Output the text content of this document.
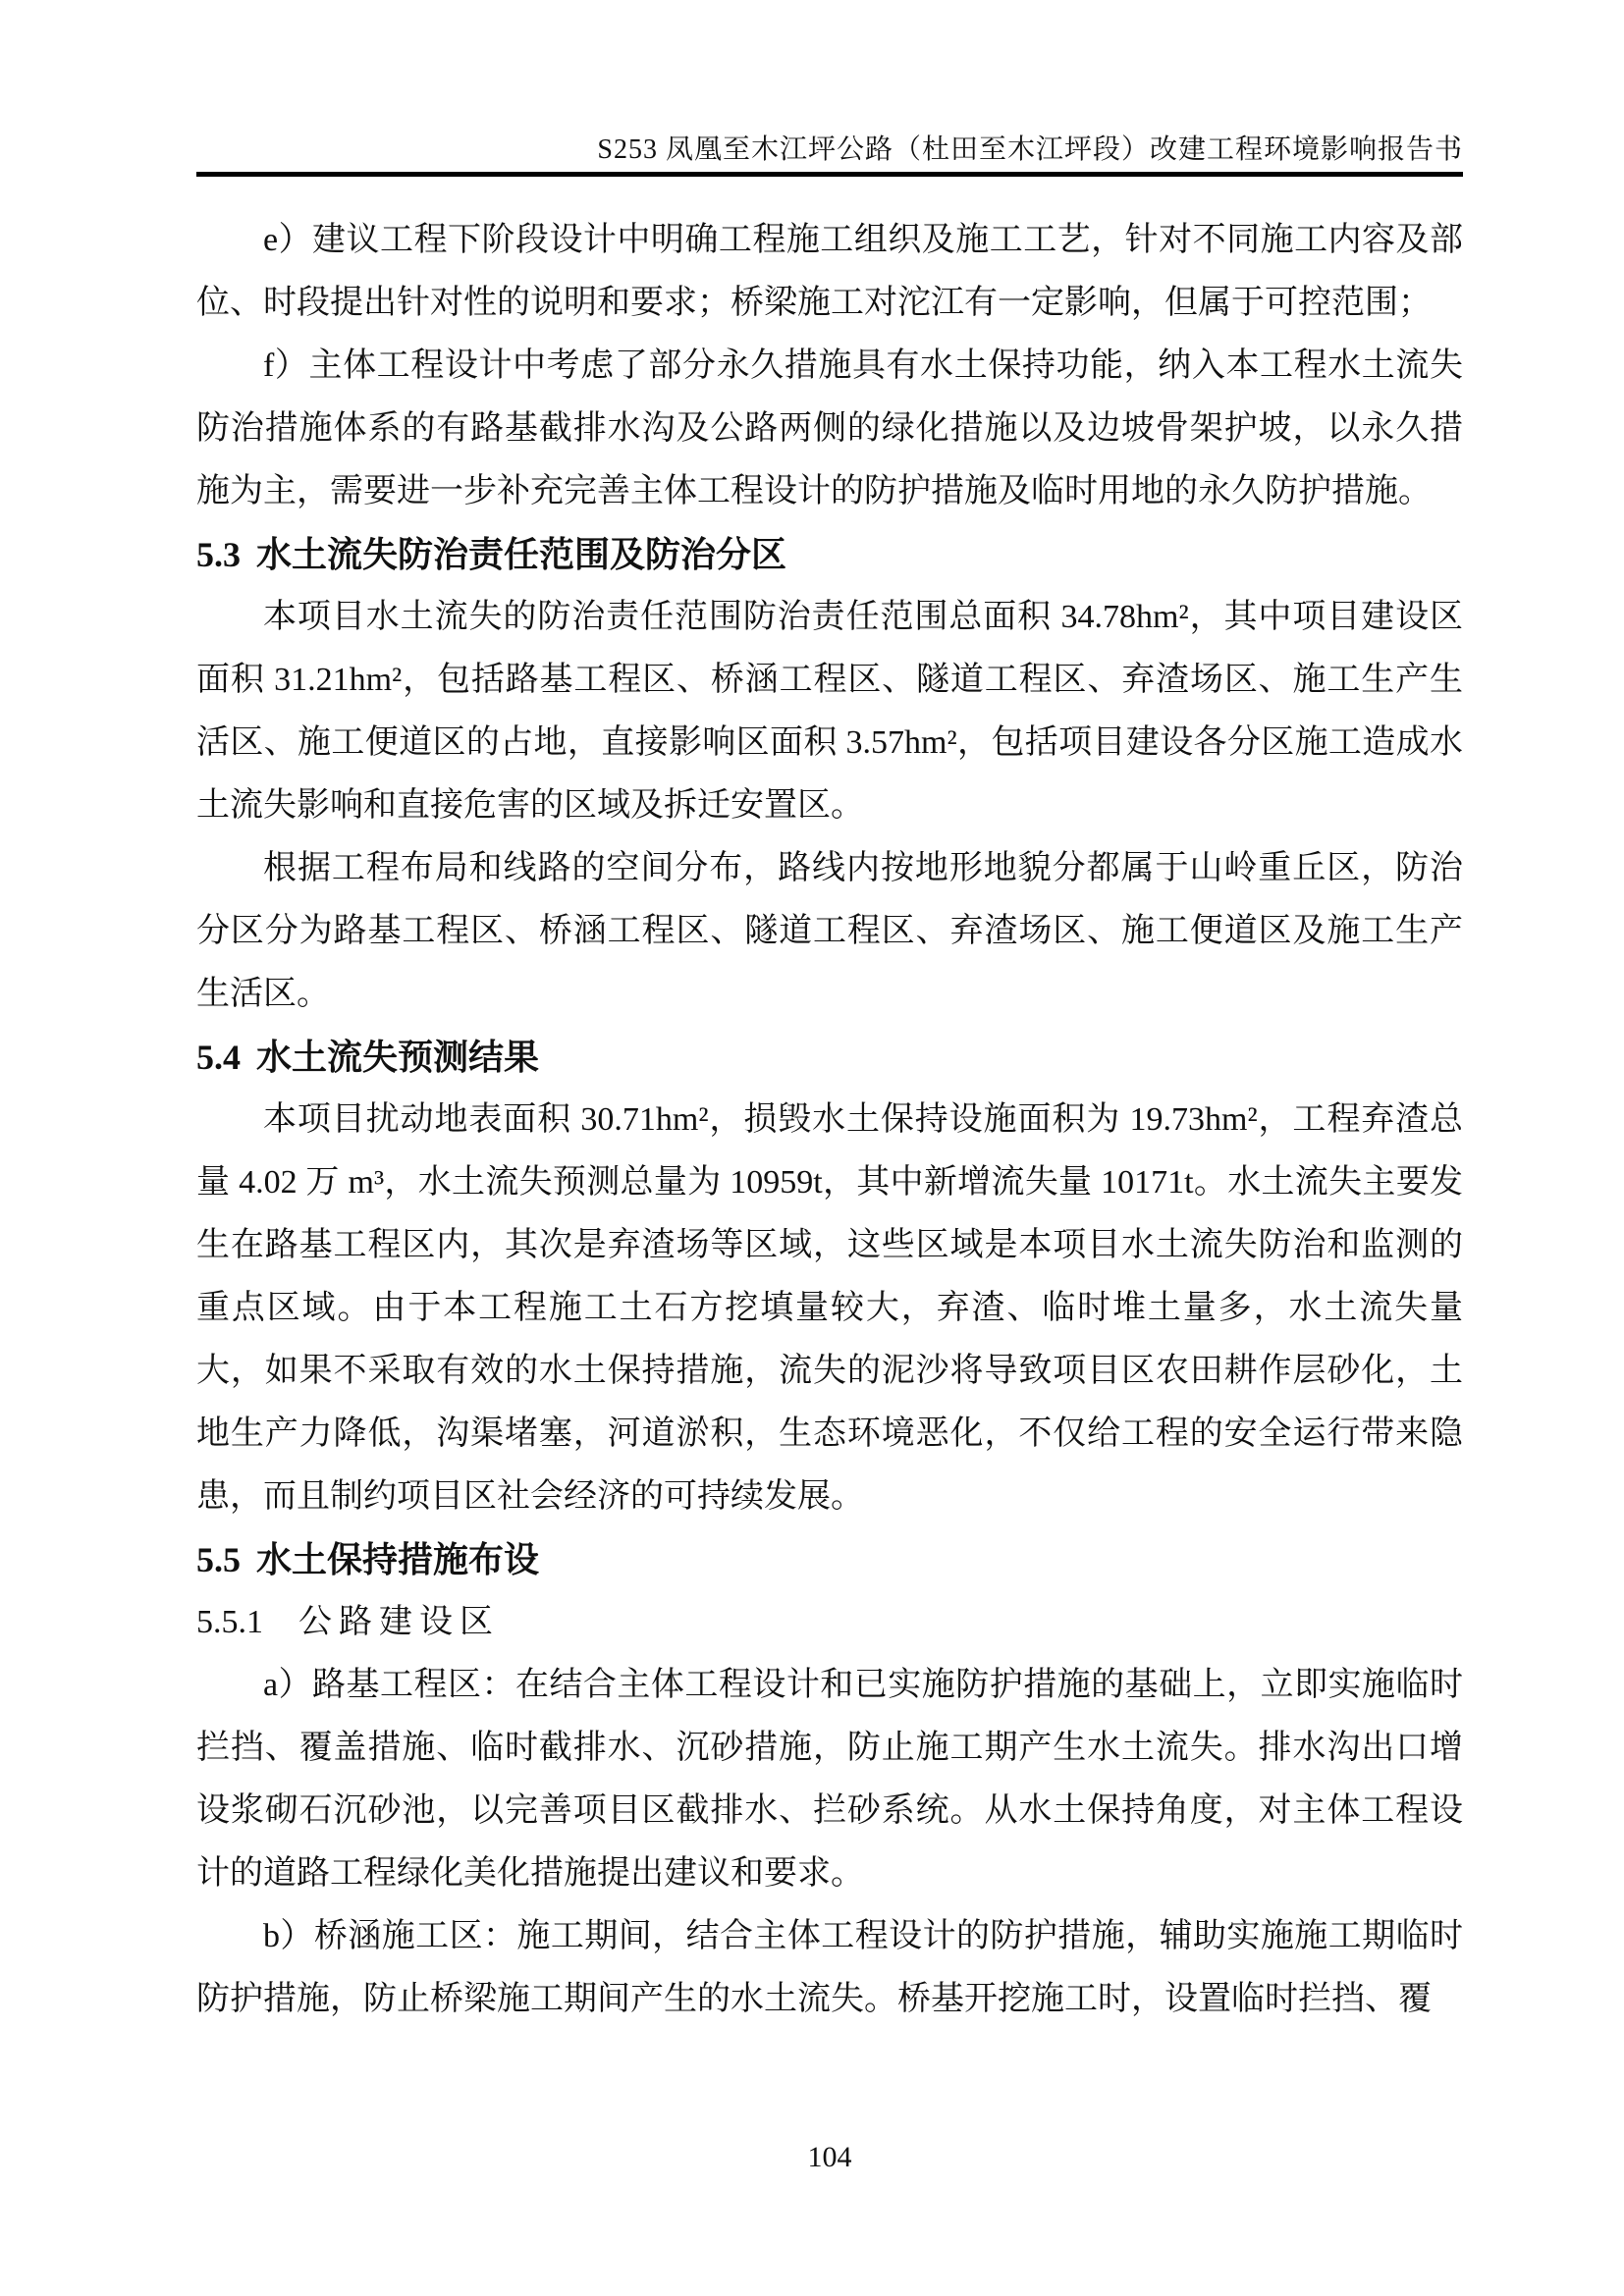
S253 凤凰至木江坪公路（杜田至木江坪段）改建工程环境影响报告书

e）建议工程下阶段设计中明确工程施工组织及施工工艺，针对不同施工内容及部位、时段提出针对性的说明和要求；桥梁施工对沱江有一定影响，但属于可控范围；

f）主体工程设计中考虑了部分永久措施具有水土保持功能，纳入本工程水土流失防治措施体系的有路基截排水沟及公路两侧的绿化措施以及边坡骨架护坡，以永久措施为主，需要进一步补充完善主体工程设计的防护措施及临时用地的永久防护措施。

5.3 水土流失防治责任范围及防治分区

本项目水土流失的防治责任范围防治责任范围总面积 34.78hm²，其中项目建设区面积 31.21hm²，包括路基工程区、桥涵工程区、隧道工程区、弃渣场区、施工生产生活区、施工便道区的占地，直接影响区面积 3.57hm²，包括项目建设各分区施工造成水土流失影响和直接危害的区域及拆迁安置区。

根据工程布局和线路的空间分布，路线内按地形地貌分都属于山岭重丘区，防治分区分为路基工程区、桥涵工程区、隧道工程区、弃渣场区、施工便道区及施工生产生活区。

5.4 水土流失预测结果

本项目扰动地表面积 30.71hm²，损毁水土保持设施面积为 19.73hm²，工程弃渣总量 4.02 万 m³，水土流失预测总量为 10959t，其中新增流失量 10171t。水土流失主要发生在路基工程区内，其次是弃渣场等区域，这些区域是本项目水土流失防治和监测的重点区域。由于本工程施工土石方挖填量较大，弃渣、临时堆土量多，水土流失量大，如果不采取有效的水土保持措施，流失的泥沙将导致项目区农田耕作层砂化，土地生产力降低，沟渠堵塞，河道淤积，生态环境恶化，不仅给工程的安全运行带来隐患，而且制约项目区社会经济的可持续发展。

5.5 水土保持措施布设
5.5.1 公路建设区

a）路基工程区：在结合主体工程设计和已实施防护措施的基础上，立即实施临时拦挡、覆盖措施、临时截排水、沉砂措施，防止施工期产生水土流失。排水沟出口增设浆砌石沉砂池，以完善项目区截排水、拦砂系统。从水土保持角度，对主体工程设计的道路工程绿化美化措施提出建议和要求。

b）桥涵施工区：施工期间，结合主体工程设计的防护措施，辅助实施施工期临时防护措施，防止桥梁施工期间产生的水土流失。桥基开挖施工时，设置临时拦挡、覆

104
